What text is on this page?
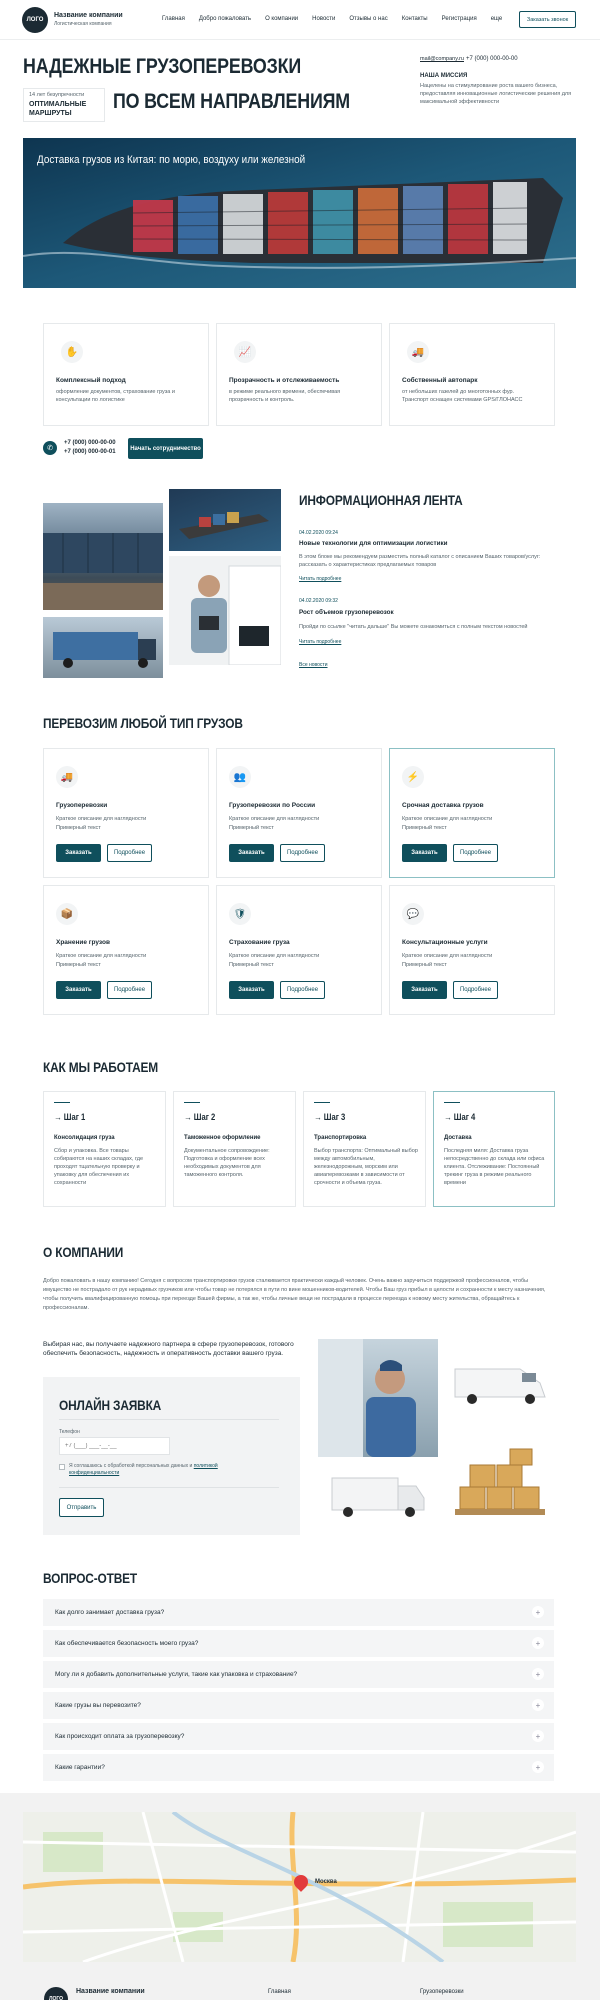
ЛОГО
Название компании
Логистическая компания
Главная Добро пожаловать О компании Новости Отзывы о нас Контакты Регистрация еще	Заказать звонок
НАДЕЖНЫЕ ГРУЗОПЕРЕВОЗКИ
14 лет безупречности
ОПТИМАЛЬНЫЕ
МАРШРУТЫ
ПО ВСЕМ НАПРАВЛЕНИЯМ
mail@company.ru +7 (000) 000-00-00
НАША МИССИЯ
Нацелены на стимулирование роста вашего бизнеса, предоставляя инновационные логистические решения для максимальной эффективности
Доставка грузов из Китая: по морю, воздуху или железной
✋
Комплексный подход
оформление документов, страхование груза и консультации по логистике
📈
Прозрачность и отслеживаемость
в режиме реального времени, обеспечивая прозрачность и контроль.
🚚
Собственный автопарк
от небольших газелей до многотонных фур. Транспорт оснащен системами GPS/ГЛОНАСС
✆
+7 (000) 000-00-00
+7 (000) 000-00-01
Начать сотрудничество
ИНФОРМАЦИОННАЯ ЛЕНТА
04.02.2020 09:24
Новые технологии для оптимизации логистики
В этом блоке мы рекомендуем разместить полный каталог с описанием Ваших товаров/услуг: рассказать о характеристиках предлагаемых товаров
Читать подробнее
04.02.2020 09:32
Рост объемов грузоперевозок
Пройди по ссылке "читать дальше" Вы можете ознакомиться с полным текстом новостей
Читать подробнее
Все новости
ПЕРЕВОЗИМ ЛЮБОЙ ТИП ГРУЗОВ
🚚
Грузоперевозки
Краткое описание для наглядности
Примерный текст
Заказать	Подробнее
👥
Грузоперевозки по России
Краткое описание для наглядности
Примерный текст
Заказать	Подробнее
⚡
Срочная доставка грузов
Краткое описание для наглядности
Примерный текст
Заказать	Подробнее
📦
Хранение грузов
Краткое описание для наглядности
Примерный текст
Заказать	Подробнее
🛡
Страхование груза
Краткое описание для наглядности
Примерный текст
Заказать	Подробнее
💬
Консультационные услуги
Краткое описание для наглядности
Примерный текст
Заказать	Подробнее
КАК МЫ РАБОТАЕМ
→ Шаг 1
Консолидация груза
Сбор и упаковка. Все товары собираются на наших складах, где проходят тщательную проверку и упаковку для обеспечения их сохранности
→ Шаг 2
Таможенное оформление
Документальное сопровождение: Подготовка и оформление всех необходимых документов для таможенного контроля.
→ Шаг 3
Транспортировка
Выбор транспорта: Оптимальный выбор между автомобильным, железнодорожным, морским или авиаперевозками в зависимости от срочности и объема груза.
→ Шаг 4
Доставка
Последняя миля: Доставка груза непосредственно до склада или офиса клиента. Отслеживание: Постоянный трекинг груза в режиме реального времени
О КОМПАНИИ
Добро пожаловать в нашу компанию! Сегодня с вопросом транспортировки грузов сталкивается практически каждый человек. Очень важно заручиться поддержкой профессионалов, чтобы имущество не пострадало от рук нерадивых грузчиков или чтобы товар не потерялся в пути по вине мошенников-водителей. Чтобы Ваш груз прибыл в целости и сохранности к месту назначения, чтобы получить квалифицированную помощь при переезде Вашей фирмы, а так же, чтобы личные вещи не пострадали в процессе переезда к новому месту жительства, обращайтесь к профессионалам.
Выбирая нас, вы получаете надежного партнера в сфере грузоперевозок, готового обеспечить безопасность, надежность и оперативность доставки вашего груза.
ОНЛАЙН ЗАЯВКА
Телефон
+7 (___) ___-__-__
Я соглашаюсь с обработкой персональных данных и политикой конфиденциальности
Отправить
ВОПРОС-ОТВЕТ
Как долго занимает доставка груза?	+
Как обеспечивается безопасность моего груза?	+
Могу ли я добавить дополнительные услуги, такие как упаковка и страхование?	+
Какие грузы вы перевозите?	+
Как происходит оплата за грузоперевозку?	+
Какие гарантии?	+
Москва
ЛОГО
Название компании	Главная	Грузоперевозки
